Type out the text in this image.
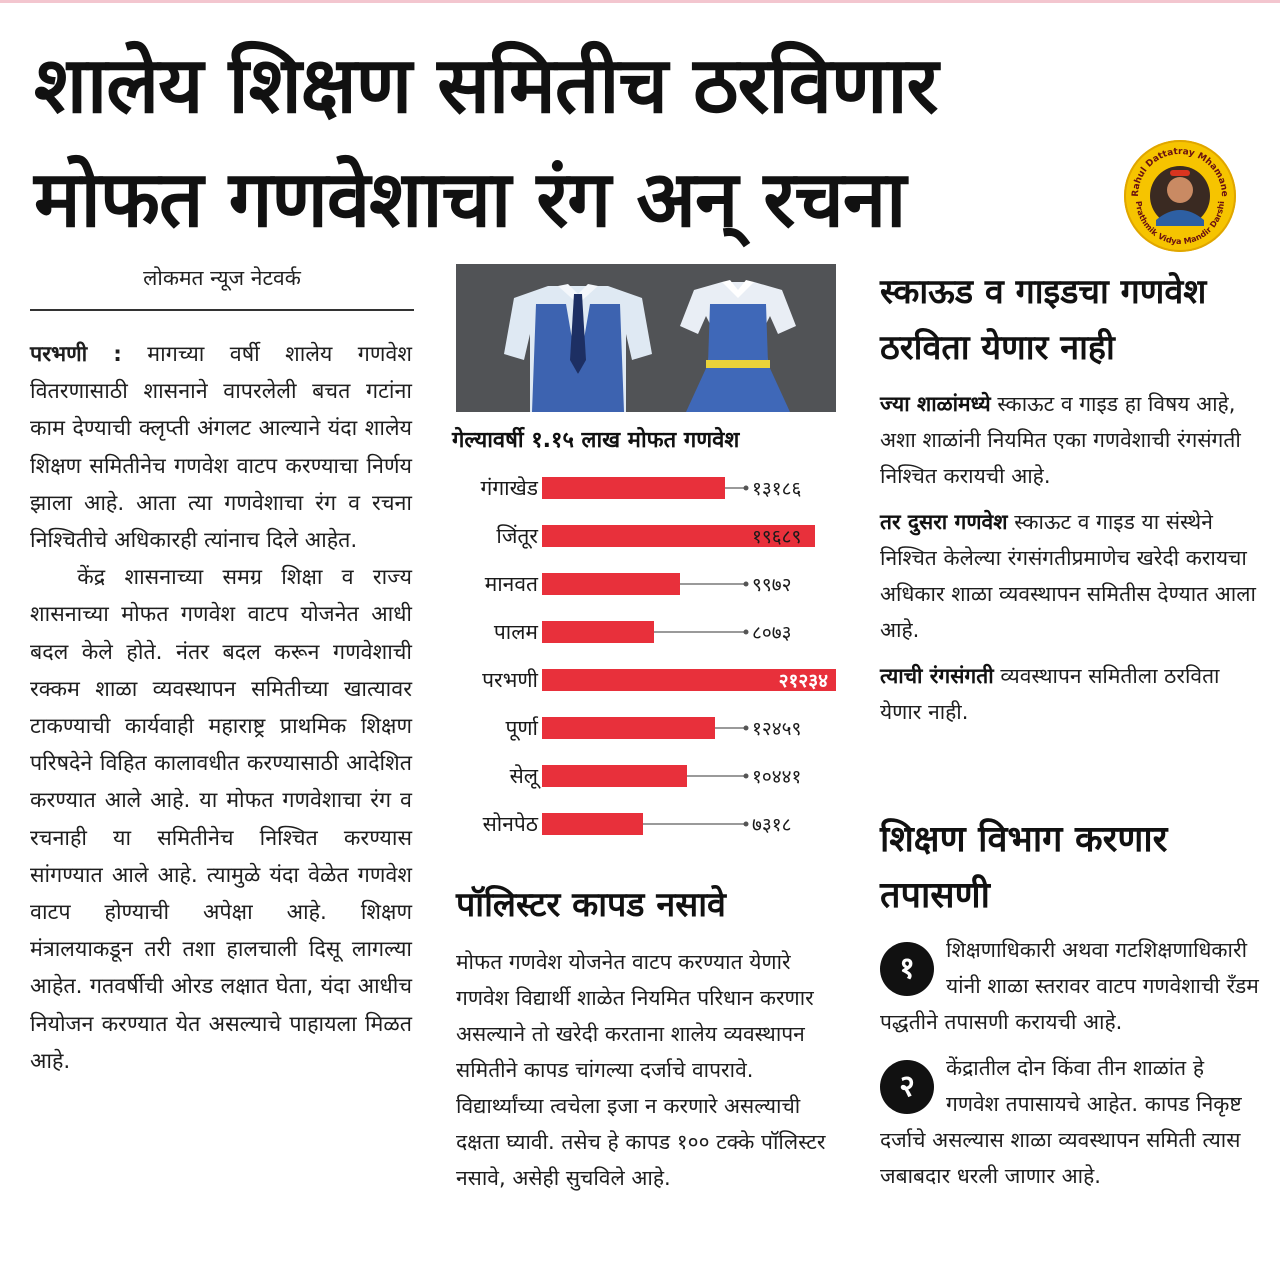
शालेय शिक्षण समितीच ठरविणार
मोफत गणवेशाचा रंग अन् रचना	Rahul Dattatray Mhamane
Prathmik Vidya Mandir Darshi

लोकमत न्यूज नेटवर्क

परभणी : मागच्या वर्षी शालेय गणवेश वितरणासाठी शासनाने वापरलेली बचत गटांना काम देण्याची क्लृप्ती अंगलट आल्याने यंदा शालेय शिक्षण समितीनेच गणवेश वाटप करण्याचा निर्णय झाला आहे. आता त्या गणवेशाचा रंग व रचना निश्चितीचे अधिकारही त्यांनाच दिले आहेत.

केंद्र शासनाच्या समग्र शिक्षा व राज्य शासनाच्या मोफत गणवेश वाटप योजनेत आधी बदल केले होते. नंतर बदल करून गणवेशाची रक्कम शाळा व्यवस्थापन समितीच्या खात्यावर टाकण्याची कार्यवाही महाराष्ट्र प्राथमिक शिक्षण परिषदेने विहित कालावधीत करण्यासाठी आदेशित करण्यात आले आहे. या मोफत गणवेशाचा रंग व रचनाही या समितीनेच निश्चित करण्यास सांगण्यात आले आहे. त्यामुळे यंदा वेळेत गणवेश वाटप होण्याची अपेक्षा आहे. शिक्षण मंत्रालयाकडून तरी तशा हालचाली दिसू लागल्या आहेत. गतवर्षीची ओरड लक्षात घेता, यंदा आधीच नियोजन करण्यात येत असल्याचे पाहायला मिळत आहे.

गेल्यावर्षी १.१५ लाख मोफत गणवेश

गंगाखेड	१३१८६
जिंतूर	१९६८९
मानवत	९९७२
पालम	८०७३
परभणी	२१२३४
पूर्णा	१२४५९
सेलू	१०४४१
सोनपेठ	७३१८
पॉलिस्टर कापड नसावे

मोफत गणवेश योजनेत वाटप करण्यात येणारे गणवेश विद्यार्थी शाळेत नियमित परिधान करणार असल्याने तो खरेदी करताना शालेय व्यवस्थापन समितीने कापड चांगल्या दर्जाचे वापरावे. विद्यार्थ्यांच्या त्वचेला इजा न करणारे असल्याची दक्षता घ्यावी. तसेच हे कापड १०० टक्के पॉलिस्टर नसावे, असेही सुचविले आहे.

स्काऊड व गाइडचा गणवेश ठरविता येणार नाही

ज्या शाळांमध्ये स्काऊट व गाइड हा विषय आहे, अशा शाळांनी नियमित एका गणवेशाची रंगसंगती निश्चित करायची आहे.

तर दुसरा गणवेश स्काऊट व गाइड या संस्थेने निश्चित केलेल्या रंगसंगतीप्रमाणेच खरेदी करायचा अधिकार शाळा व्यवस्थापन समितीस देण्यात आला आहे.

त्याची रंगसंगती व्यवस्थापन समितीला ठरविता येणार नाही.

शिक्षण विभाग करणार तपासणी
१
शिक्षणाधिकारी अथवा गटशिक्षणाधिकारी यांनी शाळा स्तरावर वाटप गणवेशाची रँडम पद्धतीने तपासणी करायची आहे.
२
केंद्रातील दोन किंवा तीन शाळांत हे गणवेश तपासायचे आहेत. कापड निकृष्ट दर्जाचे असल्यास शाळा व्यवस्थापन समिती त्यास जबाबदार धरली जाणार आहे.
